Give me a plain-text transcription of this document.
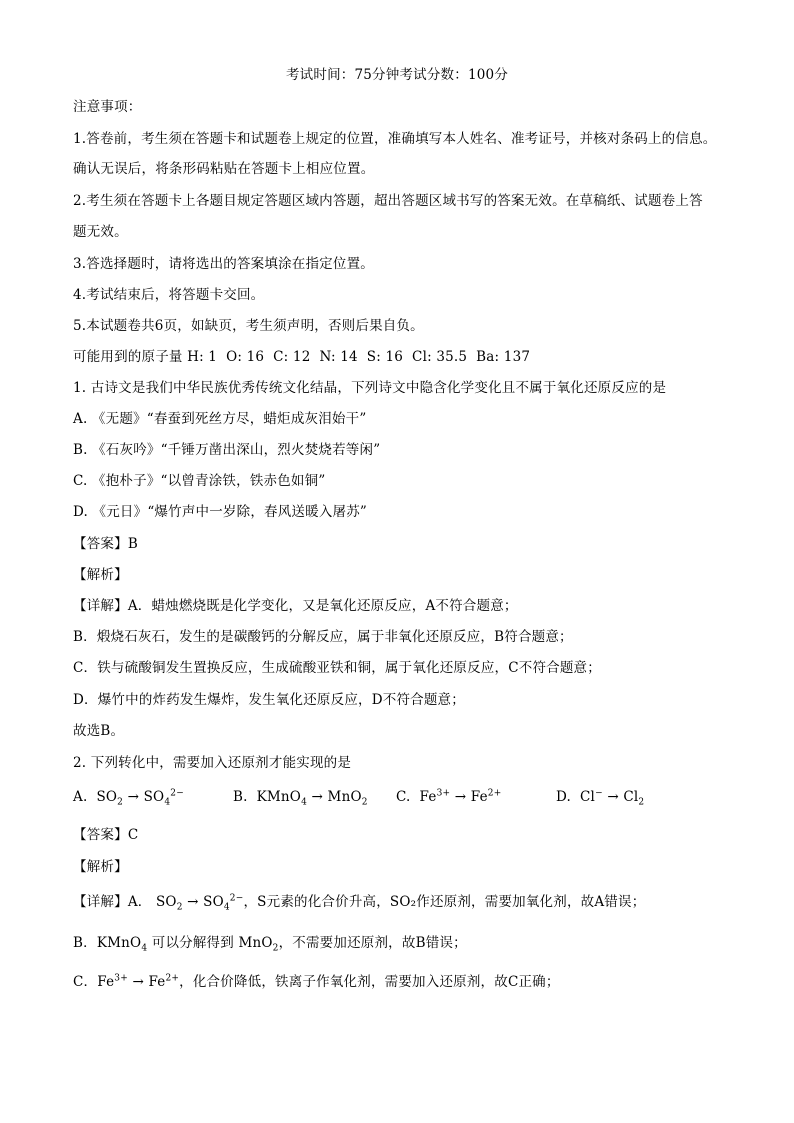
考试时间：75分钟考试分数：100分
注意事项：
1.答卷前，考生须在答题卡和试题卷上规定的位置，准确填写本人姓名、准考证号，并核对条码上的信息。
确认无误后，将条形码粘贴在答题卡上相应位置。
2.考生须在答题卡上各题目规定答题区域内答题，超出答题区域书写的答案无效。在草稿纸、试题卷上答
题无效。
3.答选择题时，请将选出的答案填涂在指定位置。
4.考试结束后，将答题卡交回。
5.本试题卷共6页，如缺页，考生须声明，否则后果自负。
可能用到的原子量 H: 1  O: 16  C: 12  N: 14  S: 16  Cl: 35.5  Ba: 137
1. 古诗文是我们中华民族优秀传统文化结晶，下列诗文中隐含化学变化且不属于氧化还原反应的是
A. 《无题》“春蚕到死丝方尽，蜡炬成灰泪始干”
B. 《石灰吟》“千锤万凿出深山，烈火焚烧若等闲”
C. 《抱朴子》“以曾青涂铁，铁赤色如铜”
D. 《元日》“爆竹声中一岁除，春风送暖入屠苏”
【答案】B
【解析】
【详解】A．蜡烛燃烧既是化学变化，又是氧化还原反应，A不符合题意；
B．煅烧石灰石，发生的是碳酸钙的分解反应，属于非氧化还原反应，B符合题意；
C．铁与硫酸铜发生置换反应，生成硫酸亚铁和铜，属于氧化还原反应，C不符合题意；
D．爆竹中的炸药发生爆炸，发生氧化还原反应，D不符合题意；
故选B。
2. 下列转化中，需要加入还原剂才能实现的是
A. $SO_2 \to SO_4^{2-}$	B. KMnO$_4$ → MnO$_2$	C. $Fe^{3+} \to Fe^{2+}$	D. $Cl^- \to Cl_2$
【答案】C
【解析】
【详解】A． $SO_2 \to SO_4^{2-}$，S元素的化合价升高，SO₂作还原剂，需要加氧化剂，故A错误；
B．KMnO$_4$ 可以分解得到 MnO$_2$，不需要加还原剂，故B错误；
C．$Fe^{3+} \to Fe^{2+}$，化合价降低，铁离子作氧化剂，需要加入还原剂，故C正确；
